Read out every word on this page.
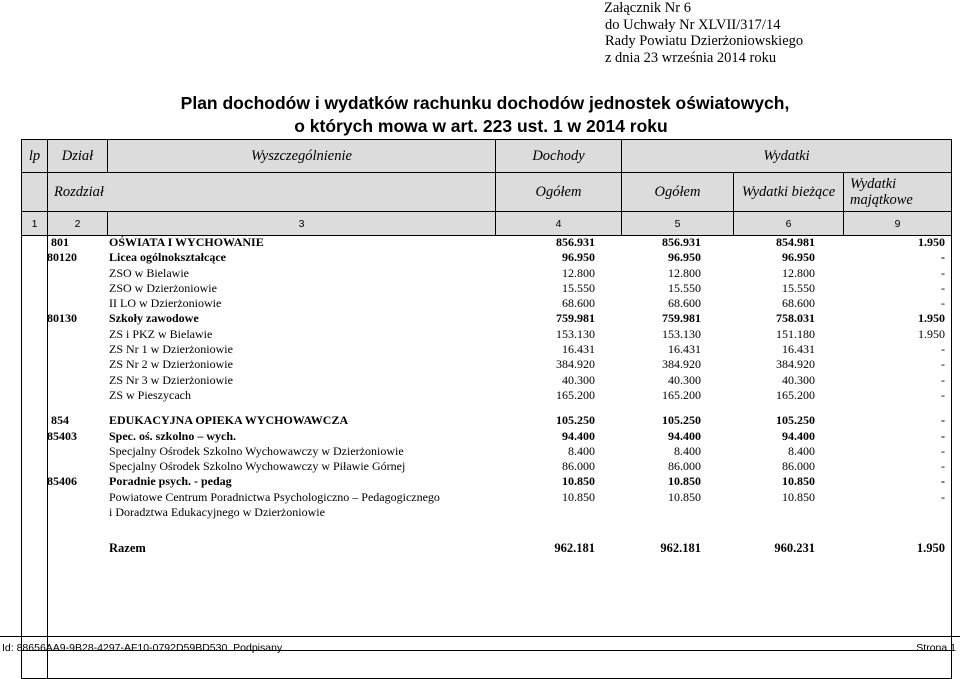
Załącznik Nr 6
do Uchwały Nr XLVII/317/14
Rady Powiatu Dzierżoniowskiego
z dnia 23 września 2014 roku
Plan dochodów i wydatków rachunku dochodów jednostek oświatowych,
o których mowa w art. 223 ust. 1 w 2014 roku
lp	Dział	Wyszczególnienie	Dochody	Wydatki		
	Rozdział		Ogółem	Ogółem	Wydatki bieżące	Wydatki majątkowe
1	2	3	4	5	6	9

801	OŚWIATA I WYCHOWANIE	856.931	856.931	854.981	1.950
80120	Licea ogólnokształcące	96.950	96.950	96.950	-
ZSO w Bielawie	12.800	12.800	12.800	-
ZSO w Dzierżoniowie	15.550	15.550	15.550	-
II LO w Dzierżoniowie	68.600	68.600	68.600	-
80130	Szkoły zawodowe	759.981	759.981	758.031	1.950
ZS i PKZ w Bielawie	153.130	153.130	151.180	1.950
ZS Nr 1 w Dzierżoniowie	16.431	16.431	16.431	-
ZS Nr 2 w Dzierżoniowie	384.920	384.920	384.920	-
ZS Nr 3 w Dzierżoniowie	40.300	40.300	40.300	-
ZS w Pieszycach	165.200	165.200	165.200	-
854	EDUKACYJNA OPIEKA WYCHOWAWCZA	105.250	105.250	105.250	-
85403	Spec. oś. szkolno – wych.	94.400	94.400	94.400	-
Specjalny Ośrodek Szkolno Wychowawczy w Dzierżoniowie	8.400	8.400	8.400	-
Specjalny Ośrodek Szkolno Wychowawczy w Piławie Górnej	86.000	86.000	86.000	-
85406	Poradnie psych. - pedag	10.850	10.850	10.850	-
Powiatowe Centrum Poradnictwa Psychologiczno – Pedagogicznego	10.850	10.850	10.850	-
i Doradztwa Edukacyjnego w Dzierżoniowie
Razem	962.181	962.181	960.231	1.950
Id: 88656AA9-9B28-4297-AF10-0792D59BD530. Podpisany	Strona 1
